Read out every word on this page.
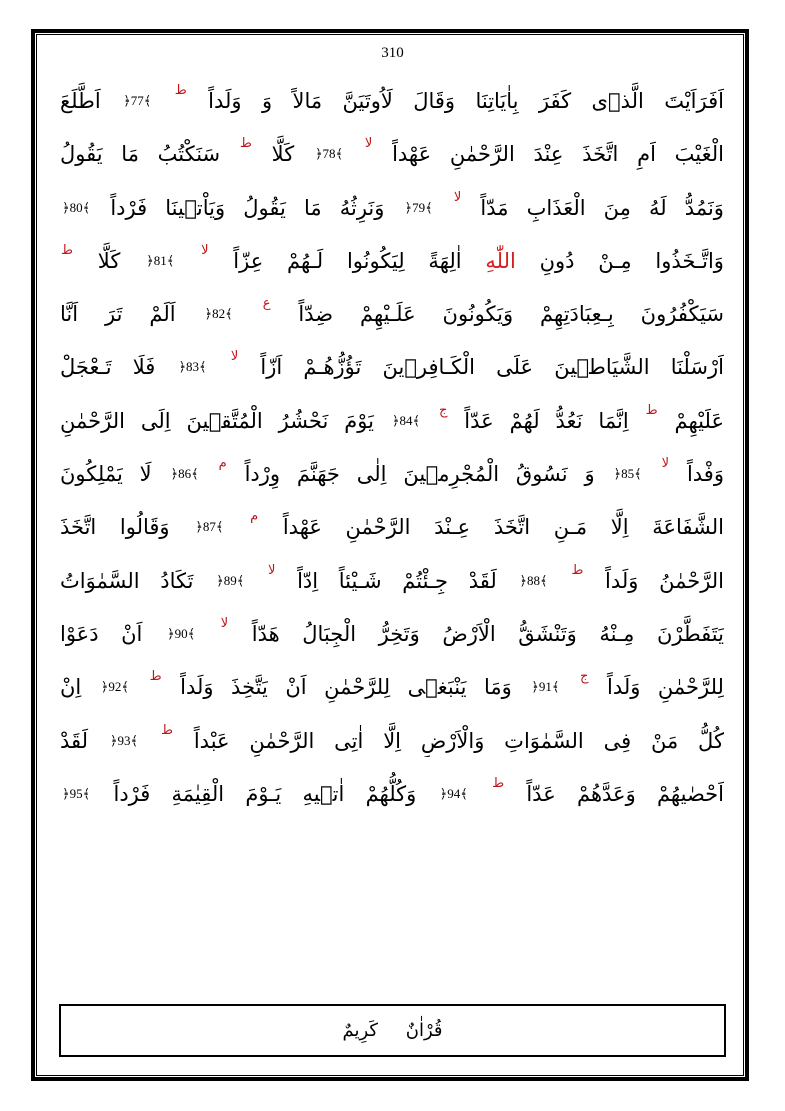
310
اَفَرَاَيْتَ الَّذ۪ى كَفَرَ بِاٰيَاتِنَا وَقَالَ لَاُوتَيَنَّ مَالاً وَ وَلَداً $^ط$ ﴿77﴾ اَطَّلَعَ
الْغَيْبَ اَمِ اتَّخَذَ عِنْدَ الرَّحْمٰنِ عَهْداً $^{لا}$ ﴿78﴾ كَلَّا $^ط$ سَنَكْتُبُ مَا يَقُولُ
وَنَمُدُّ لَهُ مِنَ الْعَذَابِ مَدّاً $^{لا}$ ﴿79﴾ وَنَرِثُهُ مَا يَقُولُ وَيَاْت۪ينَا فَرْداً ﴿80﴾
وَاتَّـخَذُوا مِـنْ دُونِ اللّٰهِ اٰلِهَةً لِيَكُونُوا لَـهُمْ عِزّاً $^{لا}$ ﴿81﴾ كَلَّا $^ط$
سَيَكْفُرُونَ بِـعِبَادَتِهِمْ وَيَكُونُونَ عَلَـيْهِمْ ضِدّاً $^ع$ ﴿82﴾ اَلَمْ تَرَ اَنَّا
اَرْسَلْنَا الشَّيَاط۪ينَ عَلَى الْكَـافِر۪ينَ تَؤُزُّهُـمْ اَزّاً $^{لا}$ ﴿83﴾ فَلَا تَـعْجَلْ
عَلَيْهِمْ $^ط$ اِنَّمَا نَعُدُّ لَهُمْ عَدّاً $^ج$ ﴿84﴾ يَوْمَ نَحْشُرُ الْمُتَّق۪ينَ اِلَى الرَّحْمٰنِ
وَفْداً $^{لا}$ ﴿85﴾ وَ نَسُوقُ الْمُجْرِم۪ينَ اِلٰى جَهَنَّمَ وِرْداً $^م$ ﴿86﴾ لَا يَمْلِكُونَ
الشَّفَاعَةَ اِلَّا مَـنِ اتَّخَذَ عِـنْدَ الرَّحْمٰنِ عَهْداً $^م$ ﴿87﴾ وَقَالُوا اتَّخَذَ
الرَّحْمٰنُ وَلَداً $^ط$ ﴿88﴾ لَقَدْ جِـئْتُمْ شَـيْئاً اِدّاً $^{لا}$ ﴿89﴾ تَكَادُ السَّمٰوَاتُ
يَتَفَطَّرْنَ مِـنْهُ وَتَنْشَقُّ الْاَرْضُ وَتَخِرُّ الْجِبَالُ هَدّاً $^{لا}$ ﴿90﴾ اَنْ دَعَوْا
لِلرَّحْمٰنِ وَلَداً $^ج$ ﴿91﴾ وَمَا يَنْبَغ۪ى لِلرَّحْمٰنِ اَنْ يَتَّخِذَ وَلَداً $^ط$ ﴿92﴾ اِنْ
كُلُّ مَنْ فِى السَّمٰوَاتِ وَالْاَرْضِ اِلَّا اٰتِى الرَّحْمٰنِ عَبْداً $^ط$ ﴿93﴾ لَقَدْ
اَحْصٰيهُمْ وَعَدَّهُمْ عَدّاً $^ط$ ﴿94﴾ وَكُلُّهُمْ اٰت۪يهِ يَـوْمَ الْقِيٰمَةِ فَرْداً ﴿95﴾
قُرْاٰنٌ كَرِيمٌ
